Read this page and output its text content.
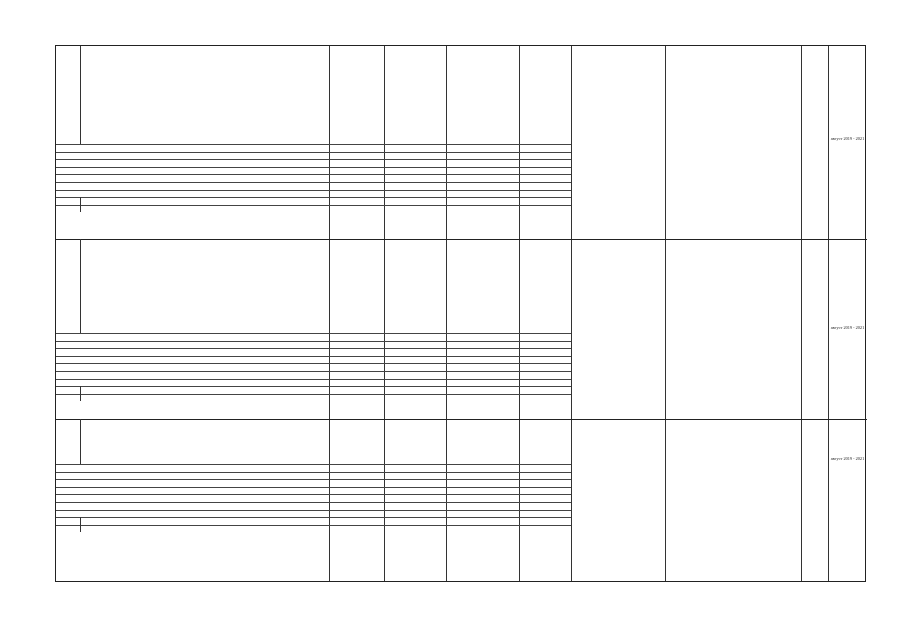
август 2019 - 2021
август 2019 - 2021
август 2019 - 2021
